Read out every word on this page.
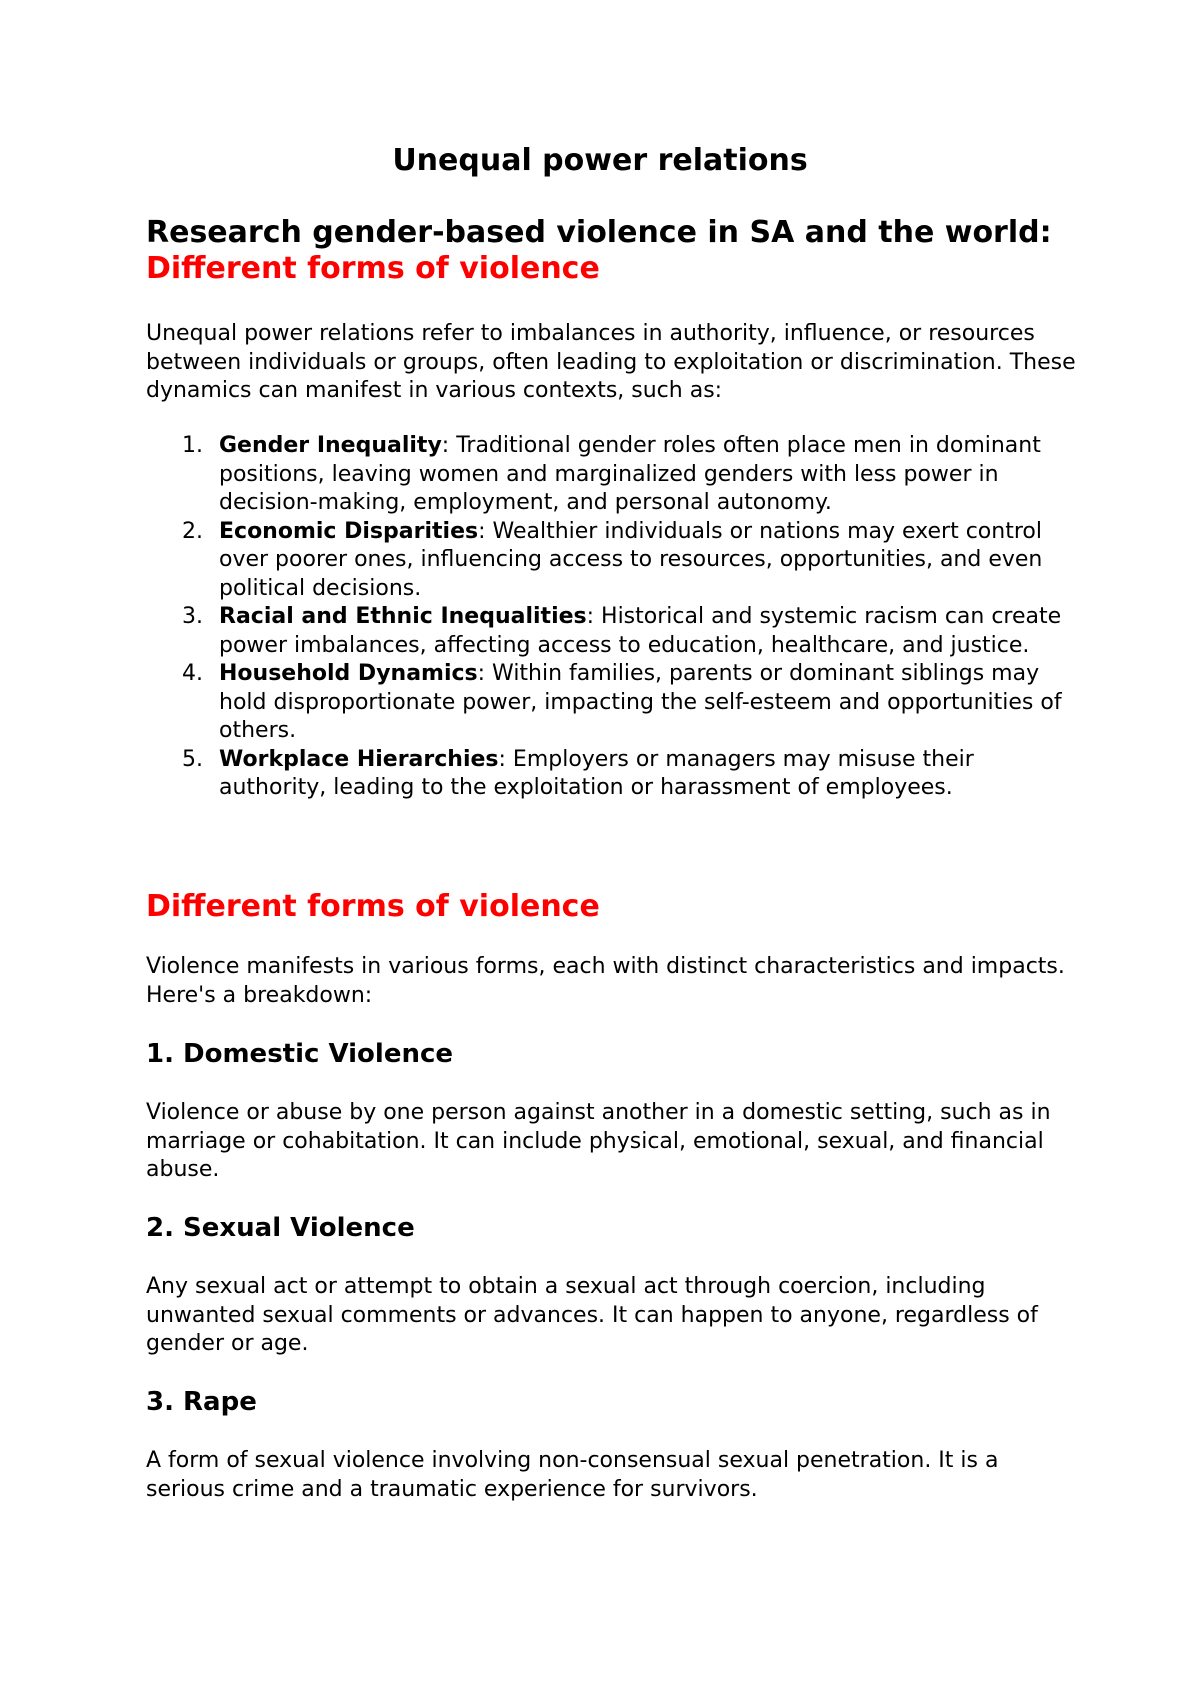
Unequal power relations
Research gender-based violence in SA and the world: Different forms of violence
Unequal power relations refer to imbalances in authority, influence, or resources between individuals or groups, often leading to exploitation or discrimination. These dynamics can manifest in various contexts, such as:
1. Gender Inequality: Traditional gender roles often place men in dominant positions, leaving women and marginalized genders with less power in decision-making, employment, and personal autonomy.
2. Economic Disparities: Wealthier individuals or nations may exert control over poorer ones, influencing access to resources, opportunities, and even political decisions.
3. Racial and Ethnic Inequalities: Historical and systemic racism can create power imbalances, affecting access to education, healthcare, and justice.
4. Household Dynamics: Within families, parents or dominant siblings may hold disproportionate power, impacting the self-esteem and opportunities of others.
5. Workplace Hierarchies: Employers or managers may misuse their authority, leading to the exploitation or harassment of employees.
Different forms of violence
Violence manifests in various forms, each with distinct characteristics and impacts. Here's a breakdown:
1. Domestic Violence
Violence or abuse by one person against another in a domestic setting, such as in marriage or cohabitation. It can include physical, emotional, sexual, and financial abuse.
2. Sexual Violence
Any sexual act or attempt to obtain a sexual act through coercion, including unwanted sexual comments or advances. It can happen to anyone, regardless of gender or age.
3. Rape
A form of sexual violence involving non-consensual sexual penetration. It is a serious crime and a traumatic experience for survivors.
